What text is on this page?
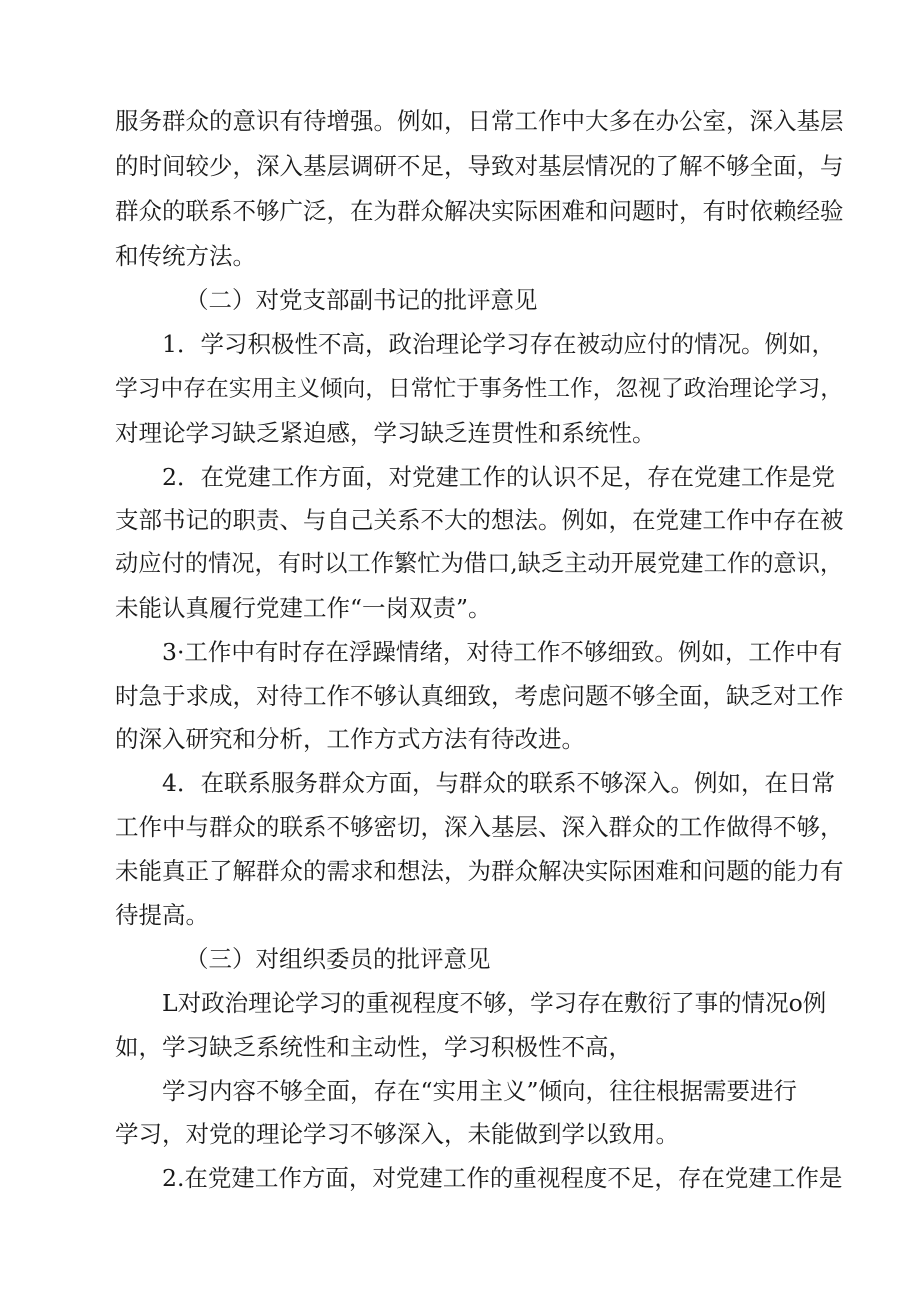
服务群众的意识有待增强。例如，日常工作中大多在办公室，深入基层
的时间较少，深入基层调研不足，导致对基层情况的了解不够全面，与
群众的联系不够广泛，在为群众解决实际困难和问题时，有时依赖经验
和传统方法。
（二）对党支部副书记的批评意见
1．学习积极性不高，政治理论学习存在被动应付的情况。例如，
学习中存在实用主义倾向，日常忙于事务性工作，忽视了政治理论学习，
对理论学习缺乏紧迫感，学习缺乏连贯性和系统性。
2．在党建工作方面，对党建工作的认识不足，存在党建工作是党
支部书记的职责、与自己关系不大的想法。例如，在党建工作中存在被
动应付的情况，有时以工作繁忙为借口,缺乏主动开展党建工作的意识，
未能认真履行党建工作“一岗双责”。
3·工作中有时存在浮躁情绪，对待工作不够细致。例如，工作中有
时急于求成，对待工作不够认真细致，考虑问题不够全面，缺乏对工作
的深入研究和分析，工作方式方法有待改进。
4．在联系服务群众方面，与群众的联系不够深入。例如，在日常
工作中与群众的联系不够密切，深入基层、深入群众的工作做得不够，
未能真正了解群众的需求和想法，为群众解决实际困难和问题的能力有
待提高。
（三）对组织委员的批评意见
L对政治理论学习的重视程度不够，学习存在敷衍了事的情况o例
如，学习缺乏系统性和主动性，学习积极性不高，
学习内容不够全面，存在“实用主义”倾向，往往根据需要进行
学习，对党的理论学习不够深入，未能做到学以致用。
2.在党建工作方面，对党建工作的重视程度不足，存在党建工作是
